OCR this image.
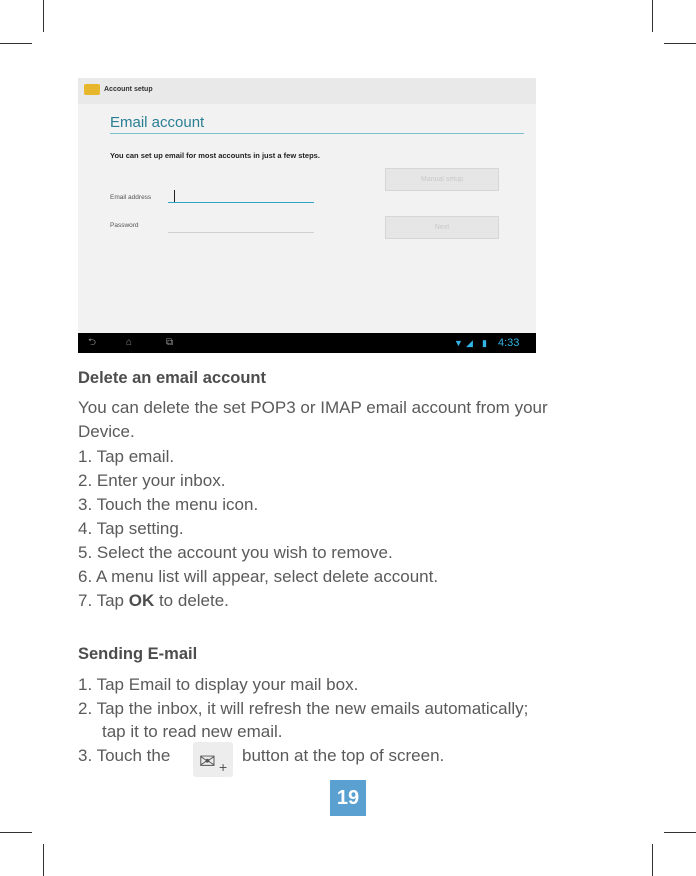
Account setup
Email account
You can set up email for most accounts in just a few steps.
Email address
Password
Manual setup
Next
⮌	⌂	⧉	▼ ◢ ▮ 4:33
Delete an email account
You can delete the set POP3 or IMAP email account from your
Device.
1. Tap email.
2. Enter your inbox.
3. Touch the menu icon.
4. Tap setting.
5. Select the account you wish to remove.
6. A menu list will appear, select delete account.
7. Tap OK to delete.
Sending E-mail
1. Tap Email to display your mail box.
2. Tap the inbox, it will refresh the new emails automatically;
tap it to read new email.
3. Touch the ✉ +
button at the top of screen.
19
